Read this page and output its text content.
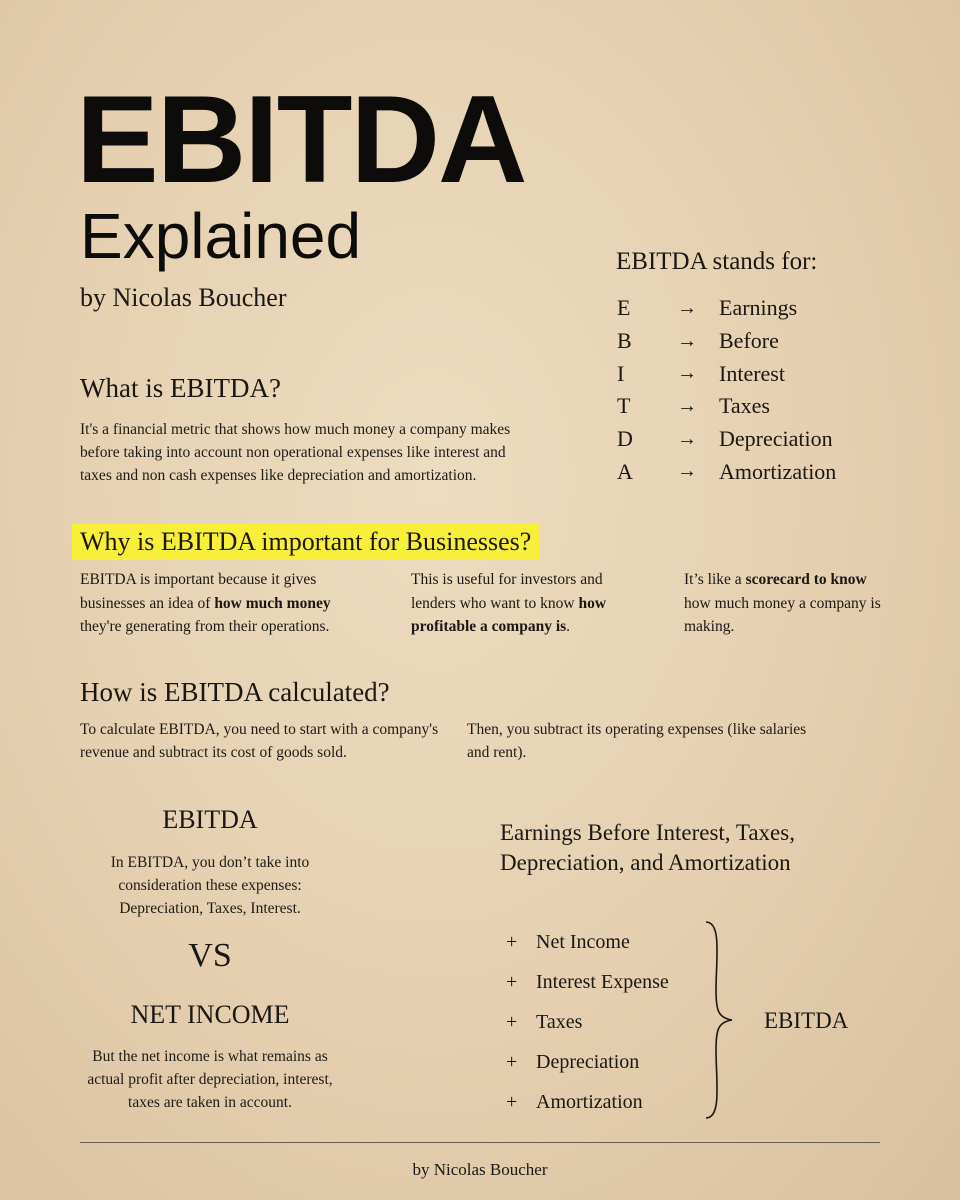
EBITDA
Explained
by Nicolas Boucher
What is EBITDA?
It's a financial metric that shows how much money a company makes before taking into account non operational expenses like interest and taxes and non cash expenses like depreciation and amortization.
EBITDA stands for:
E	→	Earnings
B	→	Before
I	→	Interest
T	→	Taxes
D	→	Depreciation
A	→	Amortization
Why is EBITDA important for Businesses?
EBITDA is important because it gives businesses an idea of how much money they're generating from their operations.
This is useful for investors and lenders who want to know how profitable a company is.
It’s like a scorecard to know how much money a company is making.
How is EBITDA calculated?
To calculate EBITDA, you need to start with a company's revenue and subtract its cost of goods sold.
Then, you subtract its operating expenses (like salaries and rent).
EBITDA
In EBITDA, you don’t take into consideration these expenses: Depreciation, Taxes, Interest.
VS
NET INCOME
But the net income is what remains as actual profit after depreciation, interest, taxes are taken in account.
Earnings Before Interest, Taxes, Depreciation, and Amortization
+ Net Income
+ Interest Expense
+ Taxes
+ Depreciation
+ Amortization
EBITDA
by Nicolas Boucher
